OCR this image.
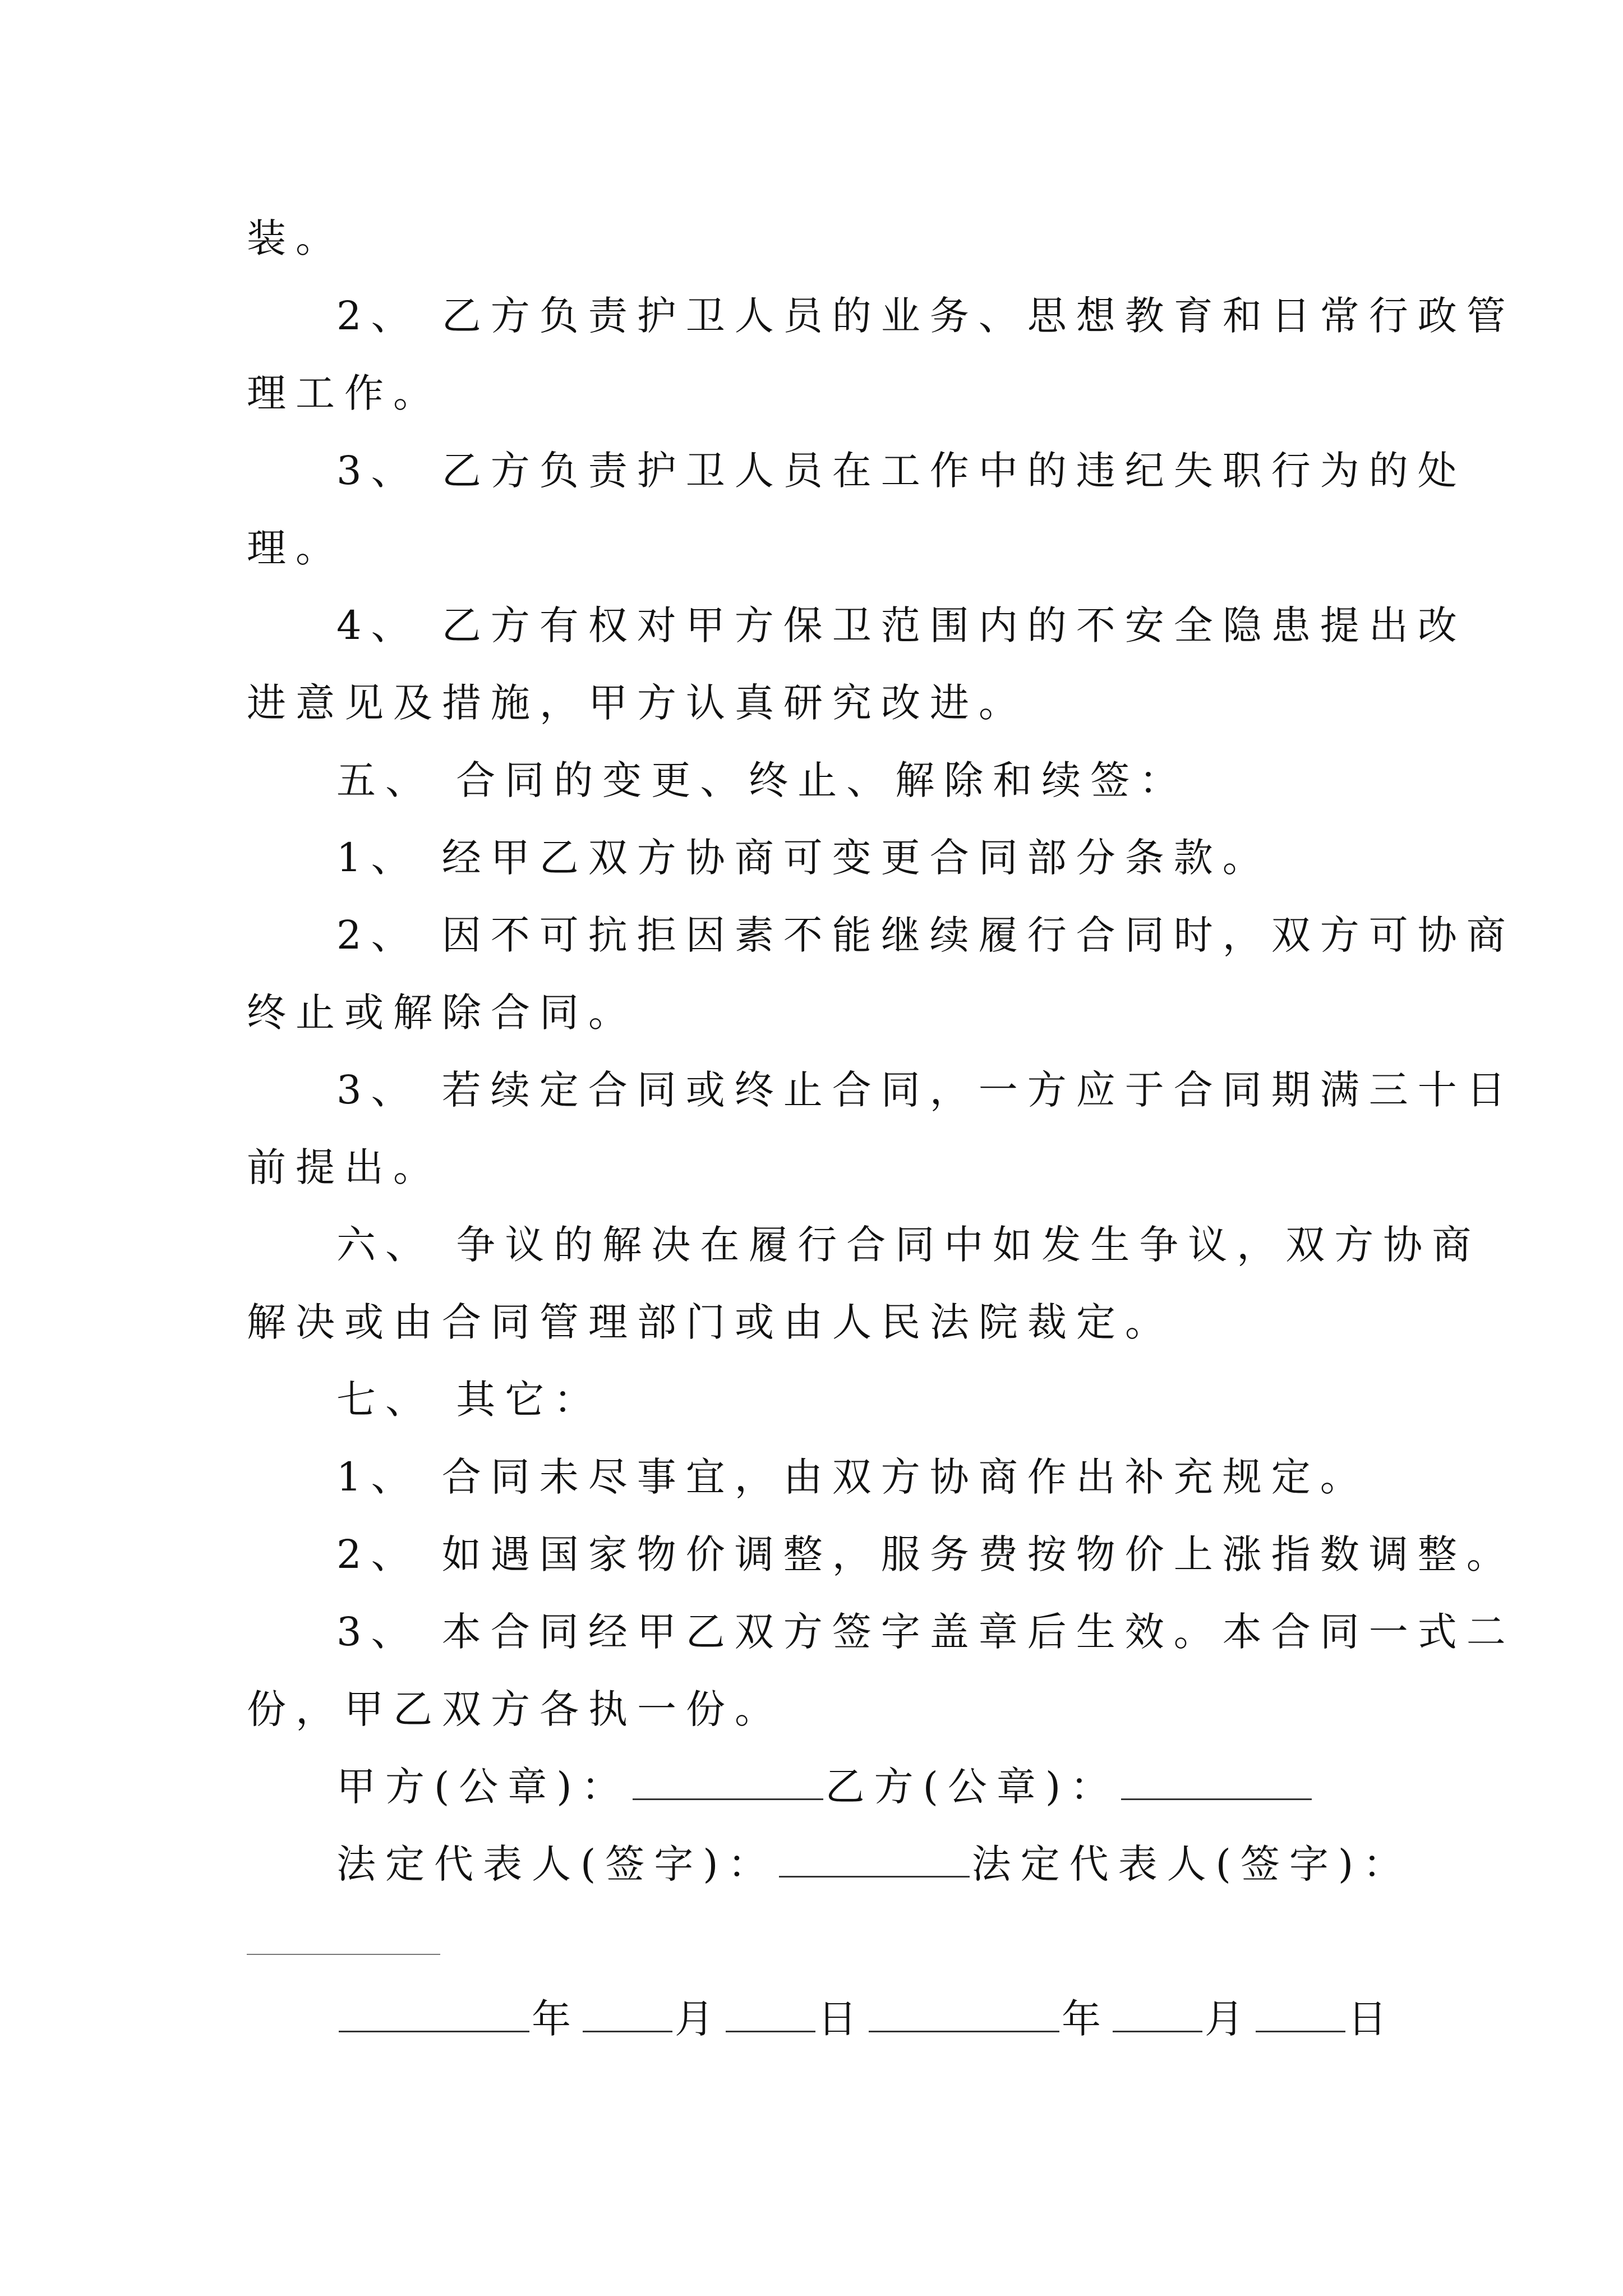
装。
2、 乙方负责护卫人员的业务、思想教育和日常行政管
理工作。
3、 乙方负责护卫人员在工作中的违纪失职行为的处
理。
4、 乙方有权对甲方保卫范围内的不安全隐患提出改
进意见及措施，甲方认真研究改进。
五、 合同的变更、终止、解除和续签：
1、 经甲乙双方协商可变更合同部分条款。
2、 因不可抗拒因素不能继续履行合同时，双方可协商
终止或解除合同。
3、 若续定合同或终止合同，一方应于合同期满三十日
前提出。
六、 争议的解决在履行合同中如发生争议，双方协商
解决或由合同管理部门或由人民法院裁定。
七、 其它：
1、 合同未尽事宜，由双方协商作出补充规定。
2、 如遇国家物价调整，服务费按物价上涨指数调整。
3、 本合同经甲乙双方签字盖章后生效。本合同一式二
份，甲乙双方各执一份。
甲方(公章)：	乙方(公章)：
法定代表人(签字)：	法定代表人(签字)：
年 月 日	年 月 日
